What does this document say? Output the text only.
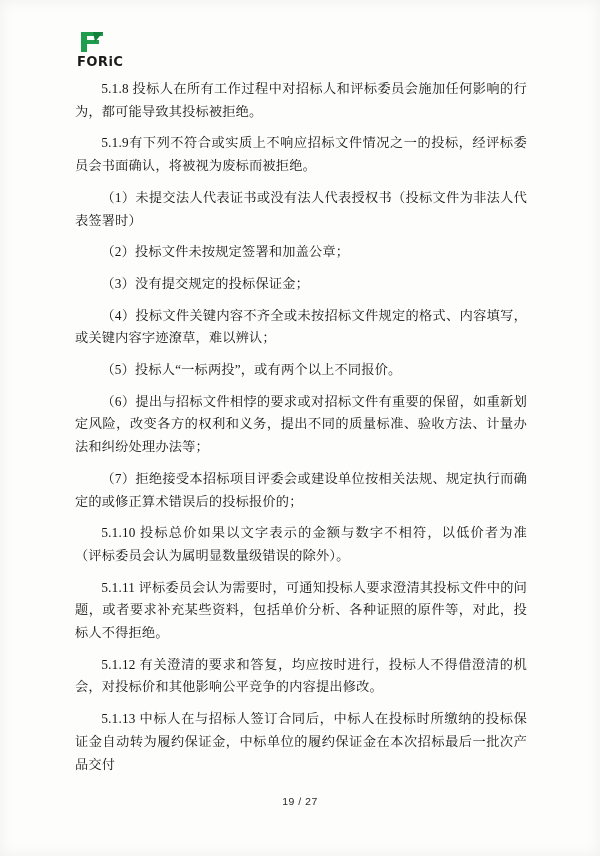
FORiC

5.1.8 投标人在所有工作过程中对招标人和评标委员会施加任何影响的行为，都可能导致其投标被拒绝。

5.1.9有下列不符合或实质上不响应招标文件情况之一的投标，经评标委员会书面确认，将被视为废标而被拒绝。

（1）未提交法人代表证书或没有法人代表授权书（投标文件为非法人代表签署时）

（2）投标文件未按规定签署和加盖公章；

（3）没有提交规定的投标保证金；

（4）投标文件关键内容不齐全或未按招标文件规定的格式、内容填写，或关键内容字迹潦草，难以辨认；

（5）投标人“一标两投”，或有两个以上不同报价。

（6）提出与招标文件相悖的要求或对招标文件有重要的保留，如重新划定风险，改变各方的权利和义务，提出不同的质量标准、验收方法、计量办法和纠纷处理办法等；

（7）拒绝接受本招标项目评委会或建设单位按相关法规、规定执行而确定的或修正算术错误后的投标报价的；

5.1.10 投标总价如果以文字表示的金额与数字不相符，以低价者为准（评标委员会认为属明显数量级错误的除外）。

5.1.11 评标委员会认为需要时，可通知投标人要求澄清其投标文件中的问题，或者要求补充某些资料，包括单价分析、各种证照的原件等，对此，投标人不得拒绝。

5.1.12 有关澄清的要求和答复，均应按时进行，投标人不得借澄清的机会，对投标价和其他影响公平竞争的内容提出修改。

5.1.13 中标人在与招标人签订合同后，中标人在投标时所缴纳的投标保证金自动转为履约保证金，中标单位的履约保证金在本次招标最后一批次产品交付

19 / 27
